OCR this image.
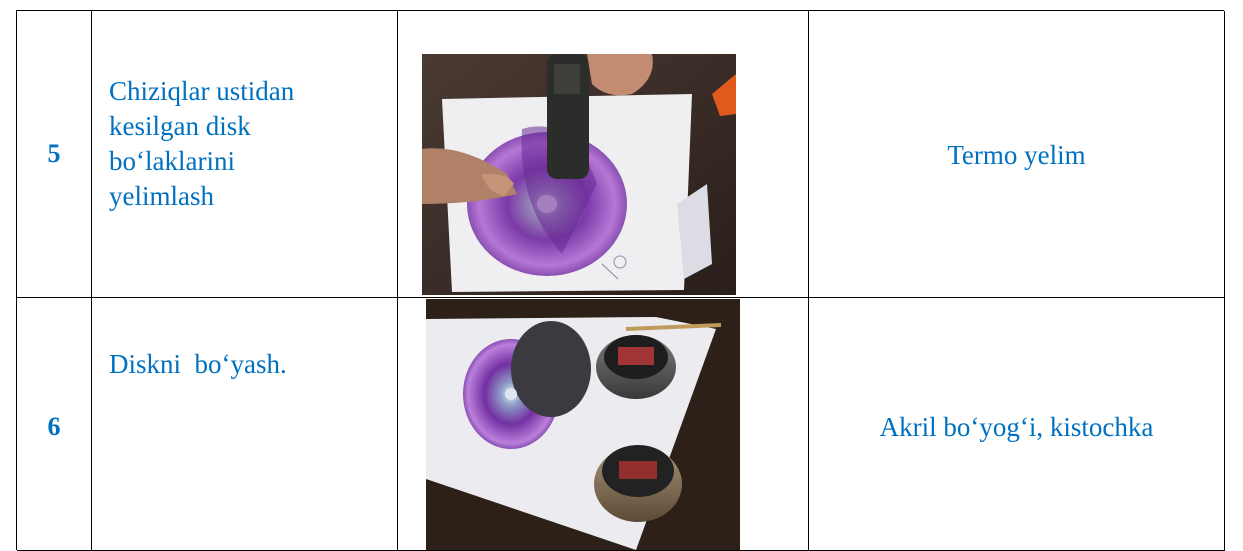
5
Chiziqlar ustidan
kesilgan disk
bo‘laklarini
yelimlash
Termo yelim
6
Diskni  bo‘yash.
Akril bo‘yog‘i, kistochka
